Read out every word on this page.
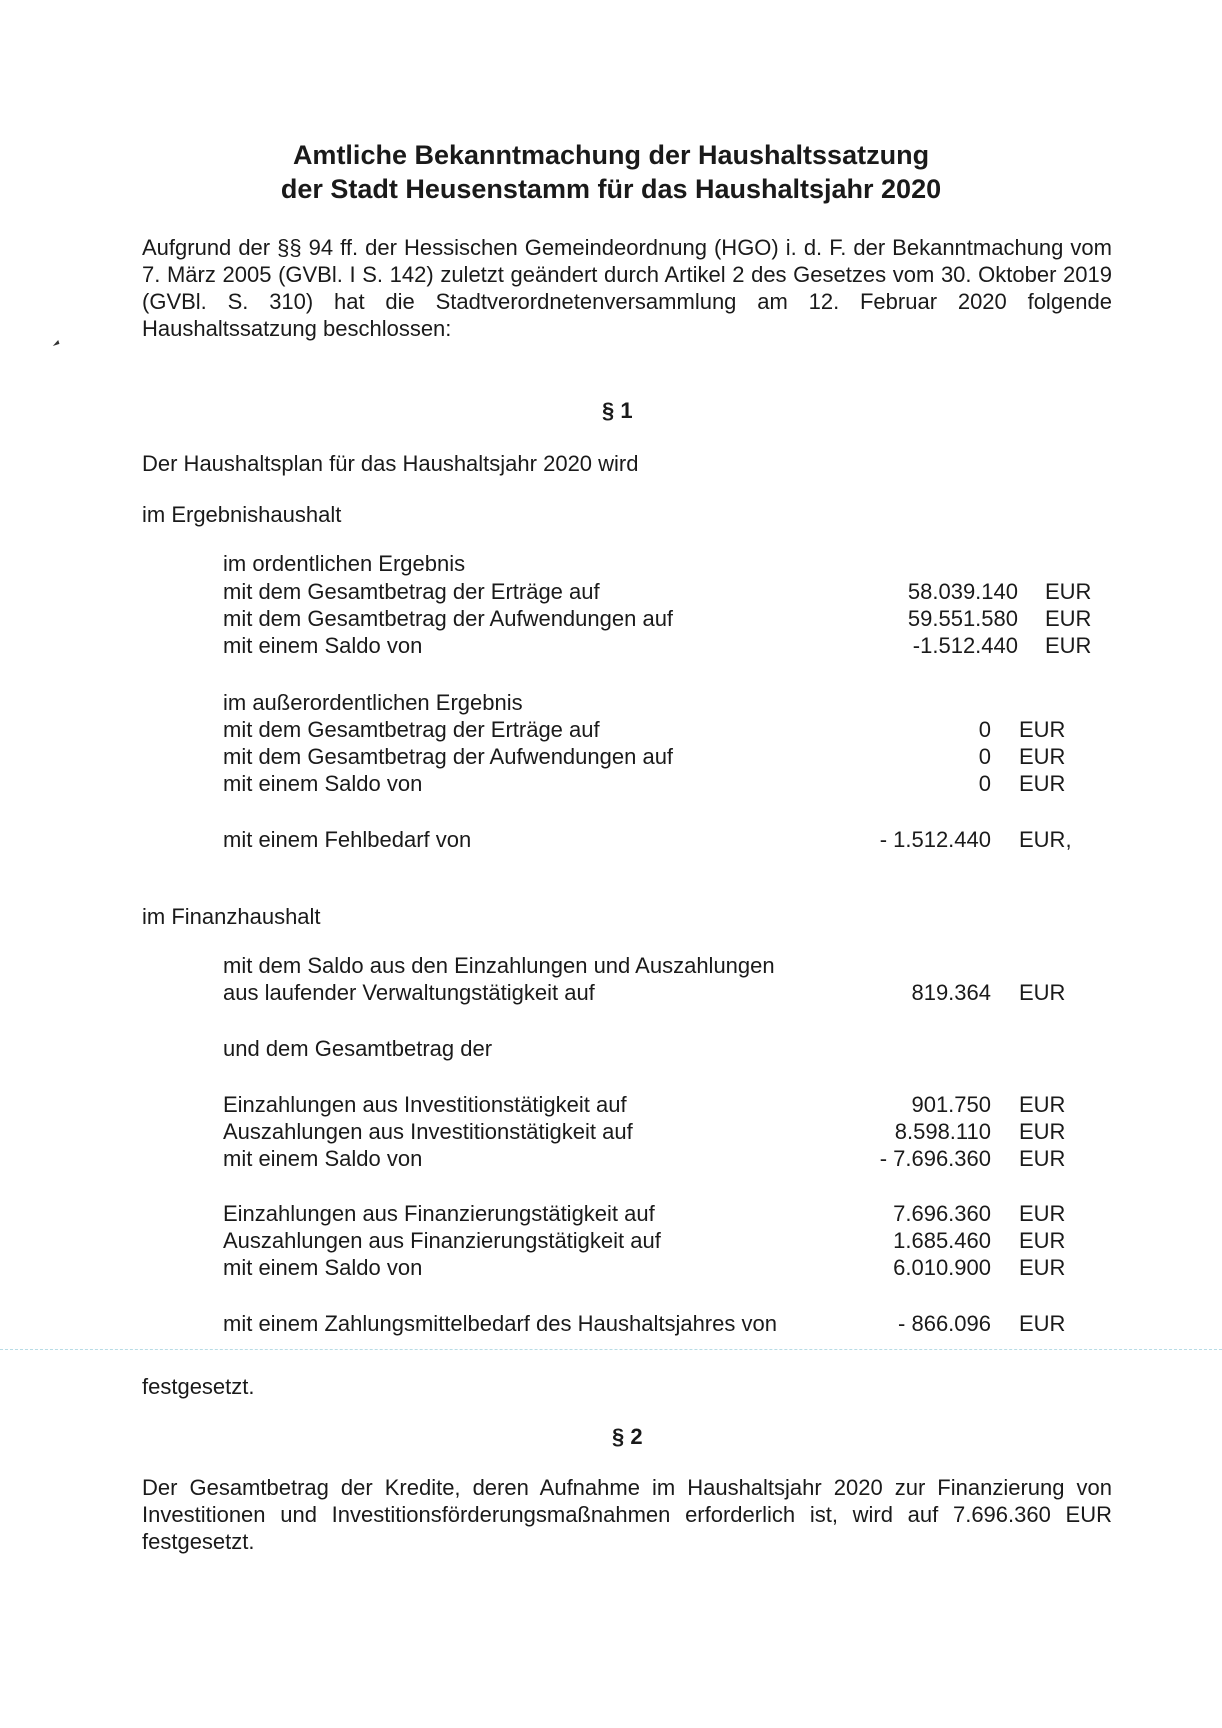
Amtliche Bekanntmachung der Haushaltssatzung
der Stadt Heusenstamm für das Haushaltsjahr 2020
Aufgrund der §§ 94 ff. der Hessischen Gemeindeordnung (HGO) i. d. F. der Bekanntmachung vom 7. März 2005 (GVBl. I S. 142) zuletzt geändert durch Artikel 2 des Gesetzes vom 30. Oktober 2019 (GVBl. S. 310) hat die Stadtverordnetenversammlung am 12. Februar 2020 folgende Haushaltssatzung beschlossen:
§ 1
Der Haushaltsplan für das Haushaltsjahr 2020 wird
im Ergebnishaushalt
im ordentlichen Ergebnis
mit dem Gesamtbetrag der Erträge auf	58.039.140 EUR
mit dem Gesamtbetrag der Aufwendungen auf	59.551.580 EUR
mit einem Saldo von	-1.512.440 EUR
im außerordentlichen Ergebnis
mit dem Gesamtbetrag der Erträge auf	0 EUR
mit dem Gesamtbetrag der Aufwendungen auf	0 EUR
mit einem Saldo von	0 EUR
mit einem Fehlbedarf von	- 1.512.440 EUR,
im Finanzhaushalt
mit dem Saldo aus den Einzahlungen und Auszahlungen
aus laufender Verwaltungstätigkeit auf	819.364 EUR
und dem Gesamtbetrag der
Einzahlungen aus Investitionstätigkeit auf	901.750 EUR
Auszahlungen aus Investitionstätigkeit auf	8.598.110 EUR
mit einem Saldo von	- 7.696.360 EUR
Einzahlungen aus Finanzierungstätigkeit auf	7.696.360 EUR
Auszahlungen aus Finanzierungstätigkeit auf	1.685.460 EUR
mit einem Saldo von	6.010.900 EUR
mit einem Zahlungsmittelbedarf des Haushaltsjahres von	- 866.096 EUR
festgesetzt.
§ 2
Der Gesamtbetrag der Kredite, deren Aufnahme im Haushaltsjahr 2020 zur Finanzierung von Investitionen und Investitionsförderungsmaßnahmen erforderlich ist, wird auf 7.696.360 EUR festgesetzt.
